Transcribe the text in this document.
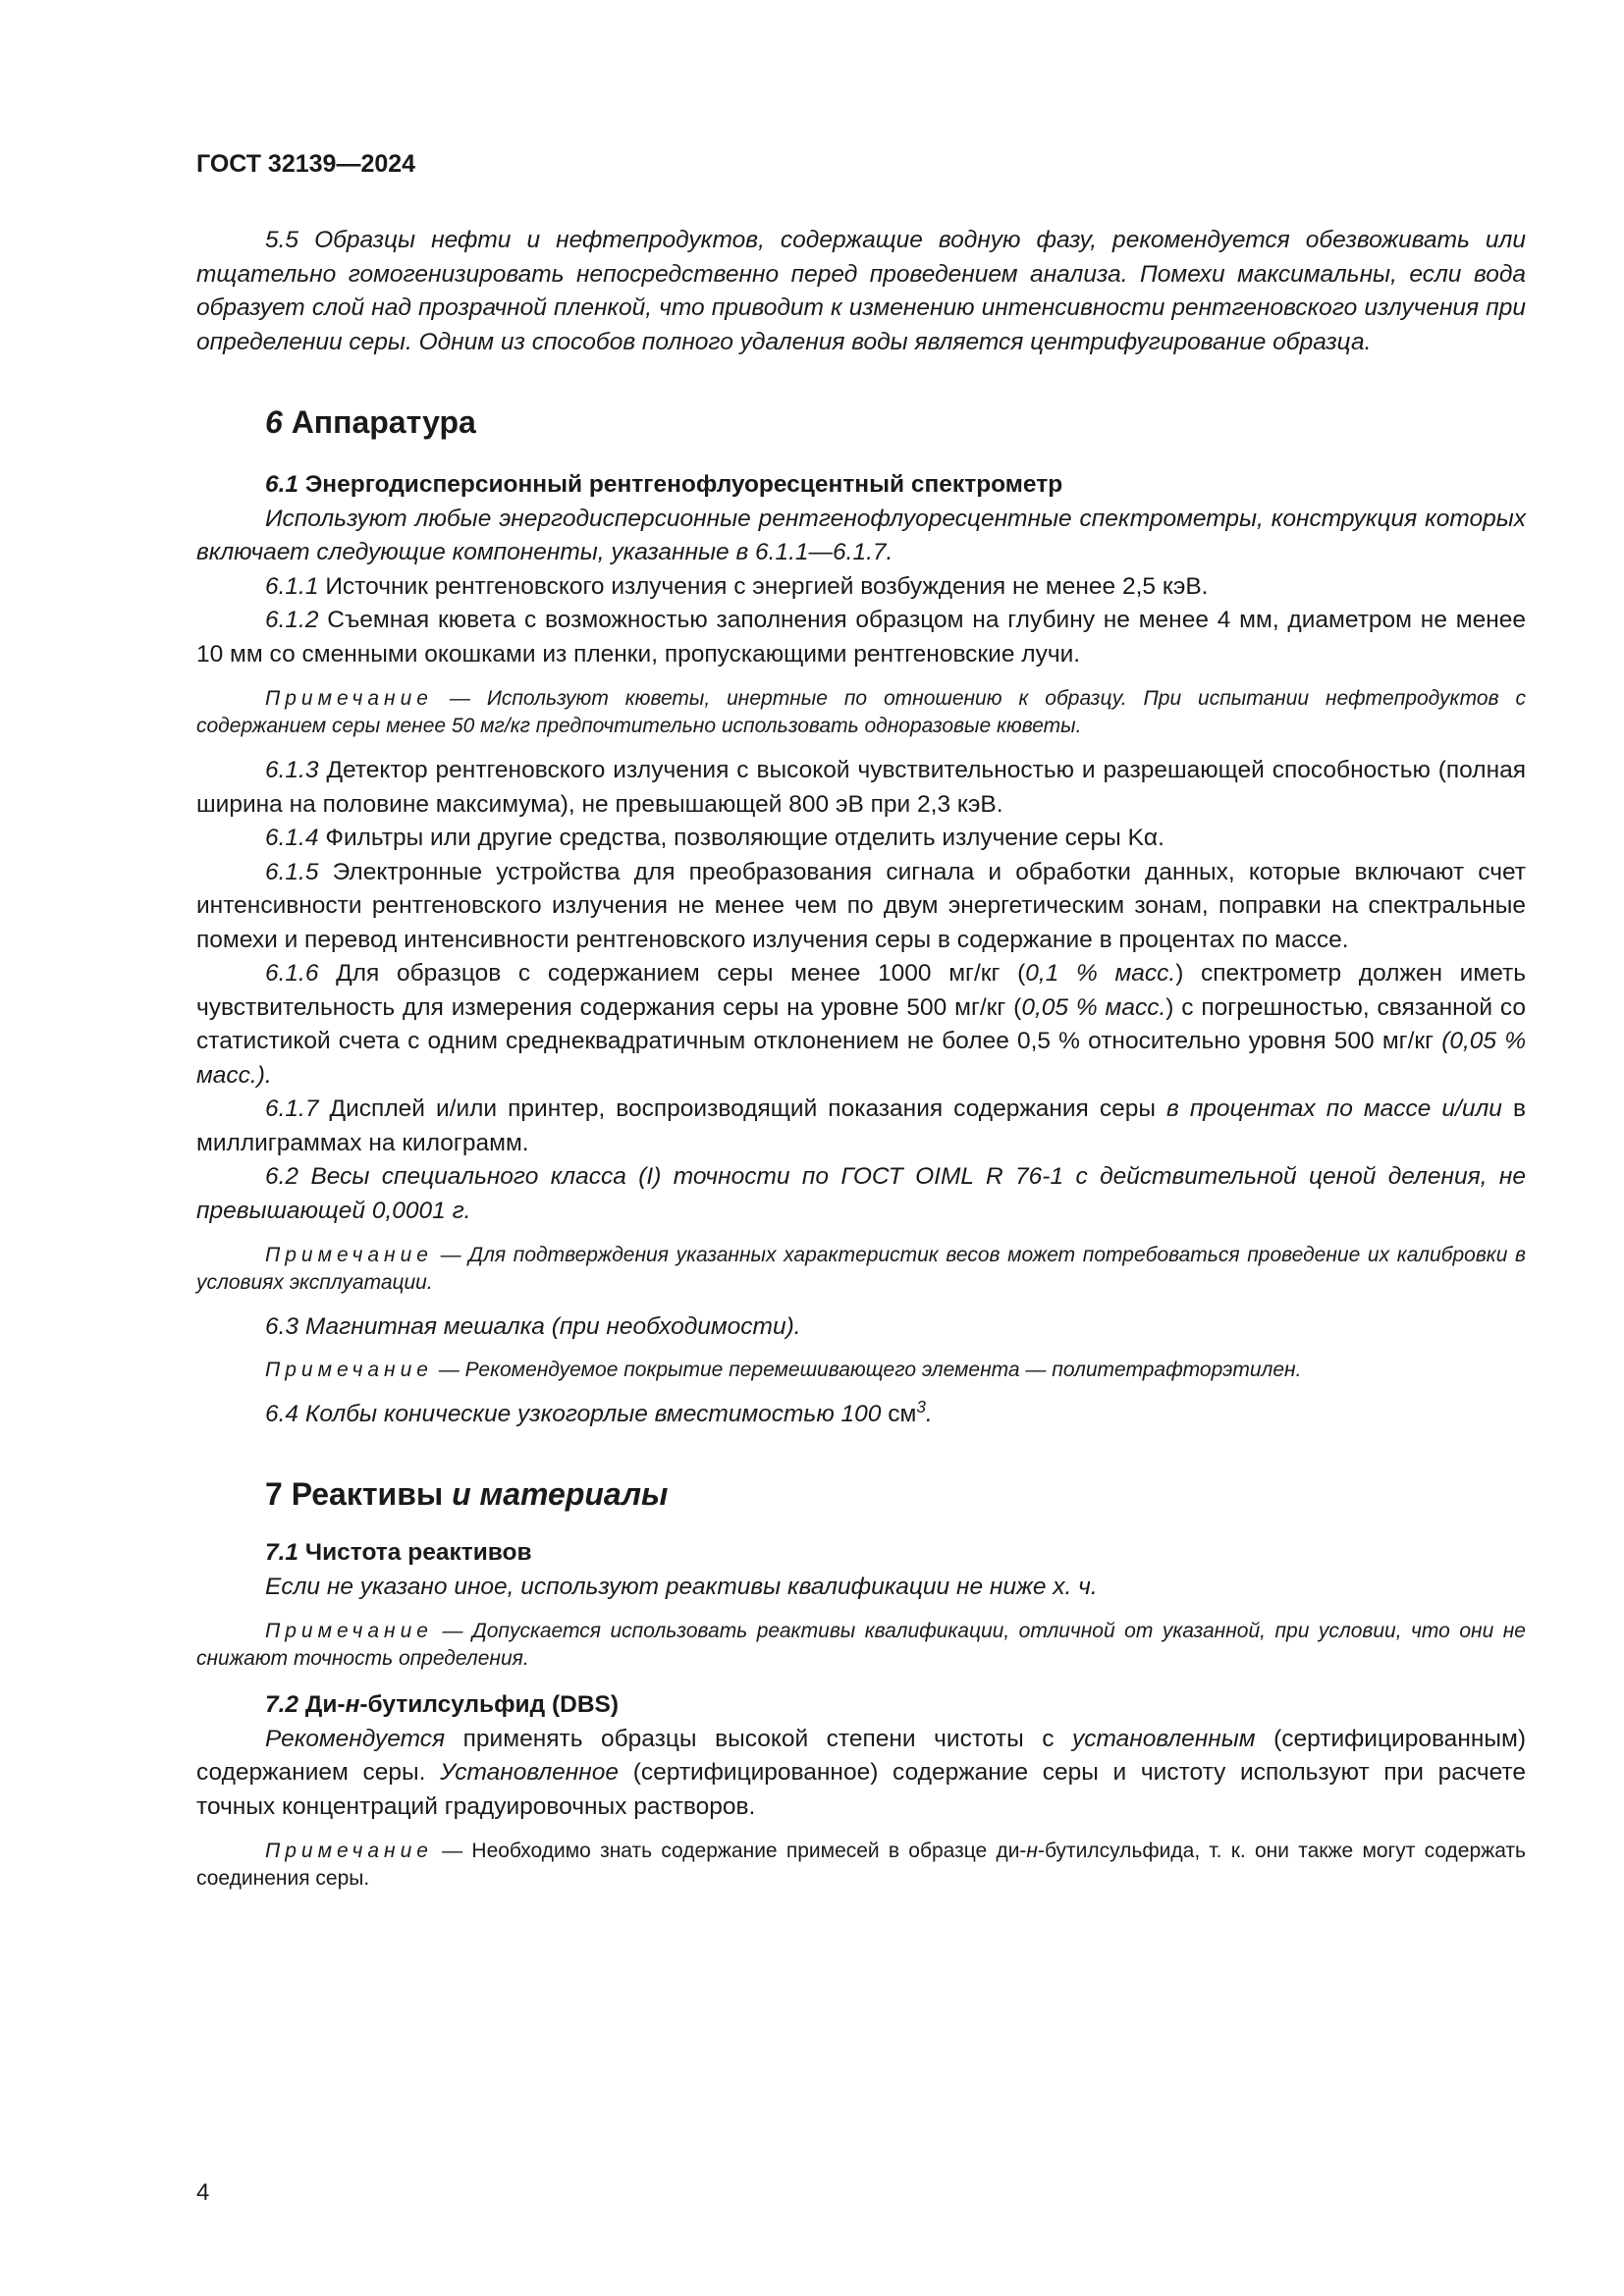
ГОСТ 32139—2024

5.5 Образцы нефти и нефтепродуктов, содержащие водную фазу, рекомендуется обезвоживать или тщательно гомогенизировать непосредственно перед проведением анализа. Помехи максимальны, если вода образует слой над прозрачной пленкой, что приводит к изменению интенсивности рентгеновского излучения при определении серы. Одним из способов полного удаления воды является центрифугирование образца.

6 Аппаратура

6.1 Энергодисперсионный рентгенофлуоресцентный спектрометр

Используют любые энергодисперсионные рентгенофлуоресцентные спектрометры, конструкция которых включает следующие компоненты, указанные в 6.1.1—6.1.7.

6.1.1 Источник рентгеновского излучения с энергией возбуждения не менее 2,5 кэВ.

6.1.2 Съемная кювета с возможностью заполнения образцом на глубину не менее 4 мм, диаметром не менее 10 мм со сменными окошками из пленки, пропускающими рентгеновские лучи.

Примечание — Используют кюветы, инертные по отношению к образцу. При испытании нефтепродуктов с содержанием серы менее 50 мг/кг предпочтительно использовать одноразовые кюветы.

6.1.3 Детектор рентгеновского излучения с высокой чувствительностью и разрешающей способностью (полная ширина на половине максимума), не превышающей 800 эВ при 2,3 кэВ.

6.1.4 Фильтры или другие средства, позволяющие отделить излучение серы Kα.

6.1.5 Электронные устройства для преобразования сигнала и обработки данных, которые включают счет интенсивности рентгеновского излучения не менее чем по двум энергетическим зонам, поправки на спектральные помехи и перевод интенсивности рентгеновского излучения серы в содержание в процентах по массе.

6.1.6 Для образцов с содержанием серы менее 1000 мг/кг (0,1 % масс.) спектрометр должен иметь чувствительность для измерения содержания серы на уровне 500 мг/кг (0,05 % масс.) с погрешностью, связанной со статистикой счета с одним среднеквадратичным отклонением не более 0,5 % относительно уровня 500 мг/кг (0,05 % масс.).

6.1.7 Дисплей и/или принтер, воспроизводящий показания содержания серы в процентах по массе и/или в миллиграммах на килограмм.

6.2 Весы специального класса (I) точности по ГОСТ OIML R 76-1 с действительной ценой деления, не превышающей 0,0001 г.

Примечание — Для подтверждения указанных характеристик весов может потребоваться проведение их калибровки в условиях эксплуатации.

6.3 Магнитная мешалка (при необходимости).

Примечание — Рекомендуемое покрытие перемешивающего элемента — политетрафторэтилен.

6.4 Колбы конические узкогорлые вместимостью 100 $см^3$.

7 Реактивы и материалы

7.1 Чистота реактивов

Если не указано иное, используют реактивы квалификации не ниже х. ч.

Примечание — Допускается использовать реактивы квалификации, отличной от указанной, при условии, что они не снижают точность определения.

7.2 Ди-н-бутилсульфид (DBS)

Рекомендуется применять образцы высокой степени чистоты с установленным (сертифицированным) содержанием серы. Установленное (сертифицированное) содержание серы и чистоту используют при расчете точных концентраций градуировочных растворов.

Примечание — Необходимо знать содержание примесей в образце ди-н-бутилсульфида, т. к. они также могут содержать соединения серы.

4
